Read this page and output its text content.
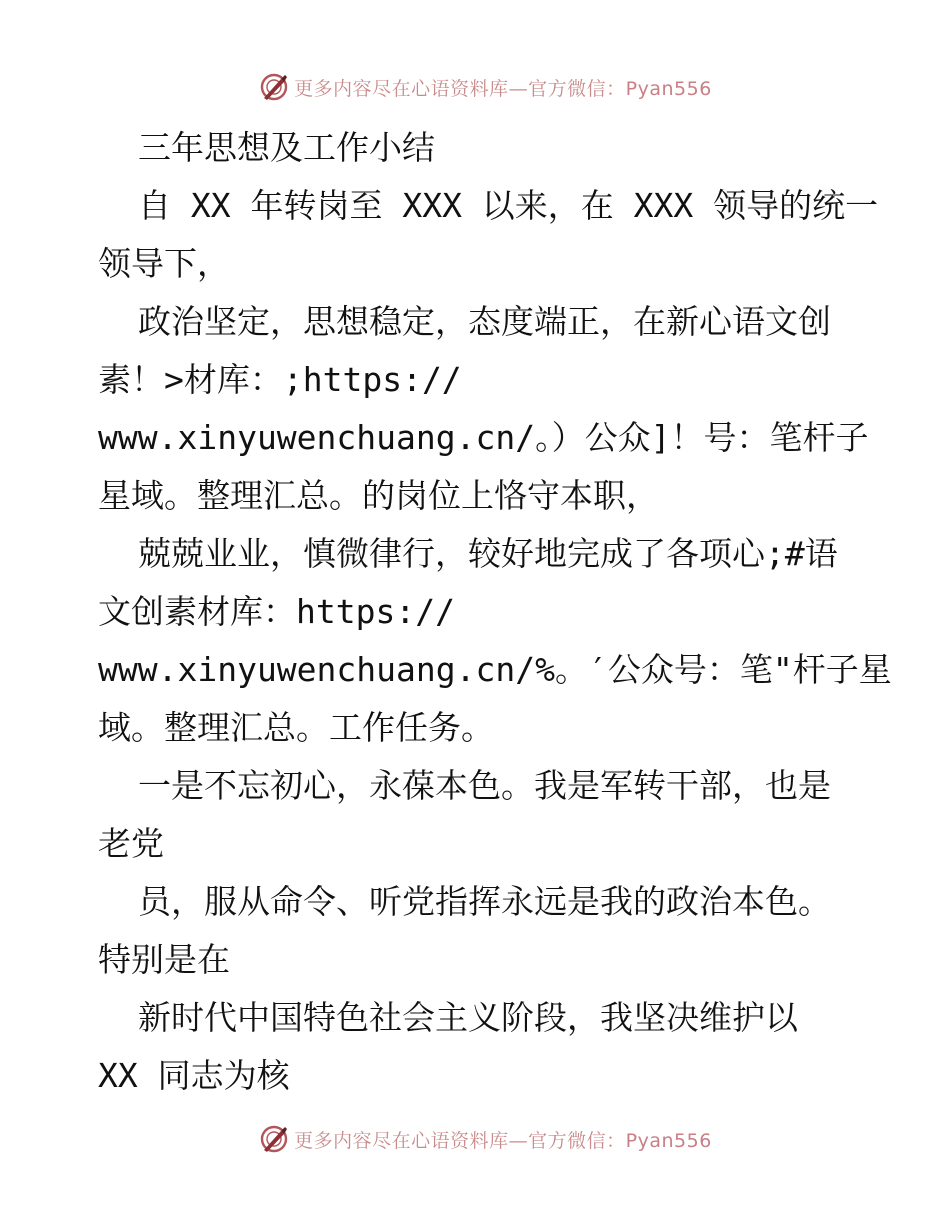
更多内容尽在心语资料库—官方微信：Pyan556
三年思想及工作小结
自 XX 年转岗至 XXX 以来，在 XXX 领导的统一
领导下，
政治坚定，思想稳定，态度端正，在新心语文创
素！>材库：;https://
www.xinyuwenchuang.cn/。）公众]！号：笔杆子
星域。整理汇总。的岗位上恪守本职，
兢兢业业，慎微律行，较好地完成了各项心;#语
文创素材库：https://
www.xinyuwenchuang.cn/%。′公众号：笔"杆子星
域。整理汇总。工作任务。
一是不忘初心，永葆本色。我是军转干部，也是
老党
员，服从命令、听党指挥永远是我的政治本色。
特别是在
新时代中国特色社会主义阶段，我坚决维护以
XX 同志为核
更多内容尽在心语资料库—官方微信：Pyan556
